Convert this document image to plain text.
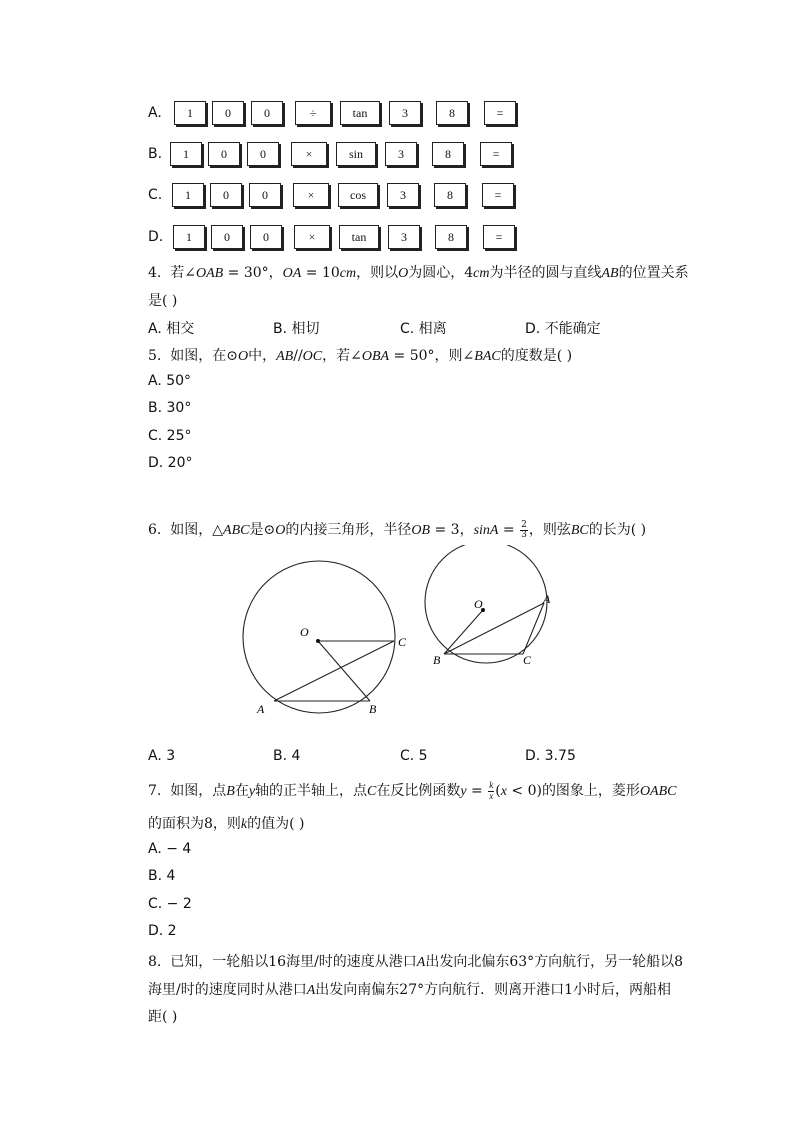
A.	1	0	0	÷	tan	3	8	=
B.	1	0	0	×	sin	3	8	=
C.	1	0	0	×	cos	3	8	=
D.	1	0	0	×	tan	3	8	=
4. 若∠OAB = 30°，OA = 10cm，则以O为圆心，4cm为半径的圆与直线AB的位置关系
是( )
A. 相交	B. 相切	C. 相离	D. 不能确定
5. 如图，在⊙O中，AB//OC，若∠OBA = 50°，则∠BAC的度数是( )
A. 50°
B. 30°
C. 25°
D. 20°
6. 如图，△ABC是⊙O的内接三角形，半径OB = 3，$\sin A = \frac{2}{3}$ ，则弦BC的长为( )
O
C
A	B
O	A
B	C
A. 3	B. 4	C. 5	D. 3.75
7. 如图，点B在y轴的正半轴上，点C在反比例函数$y = \frac{k}{x} (x < 0)$的图象上，菱形OABC
的面积为8，则k的值为( )
A. − 4
B. 4
C. − 2
D. 2
8. 已知，一轮船以16海里/时的速度从港口A出发向北偏东63°方向航行，另一轮船以8
海里/时的速度同时从港口A出发向南偏东27°方向航行．则离开港口1小时后，两船相
距( )
